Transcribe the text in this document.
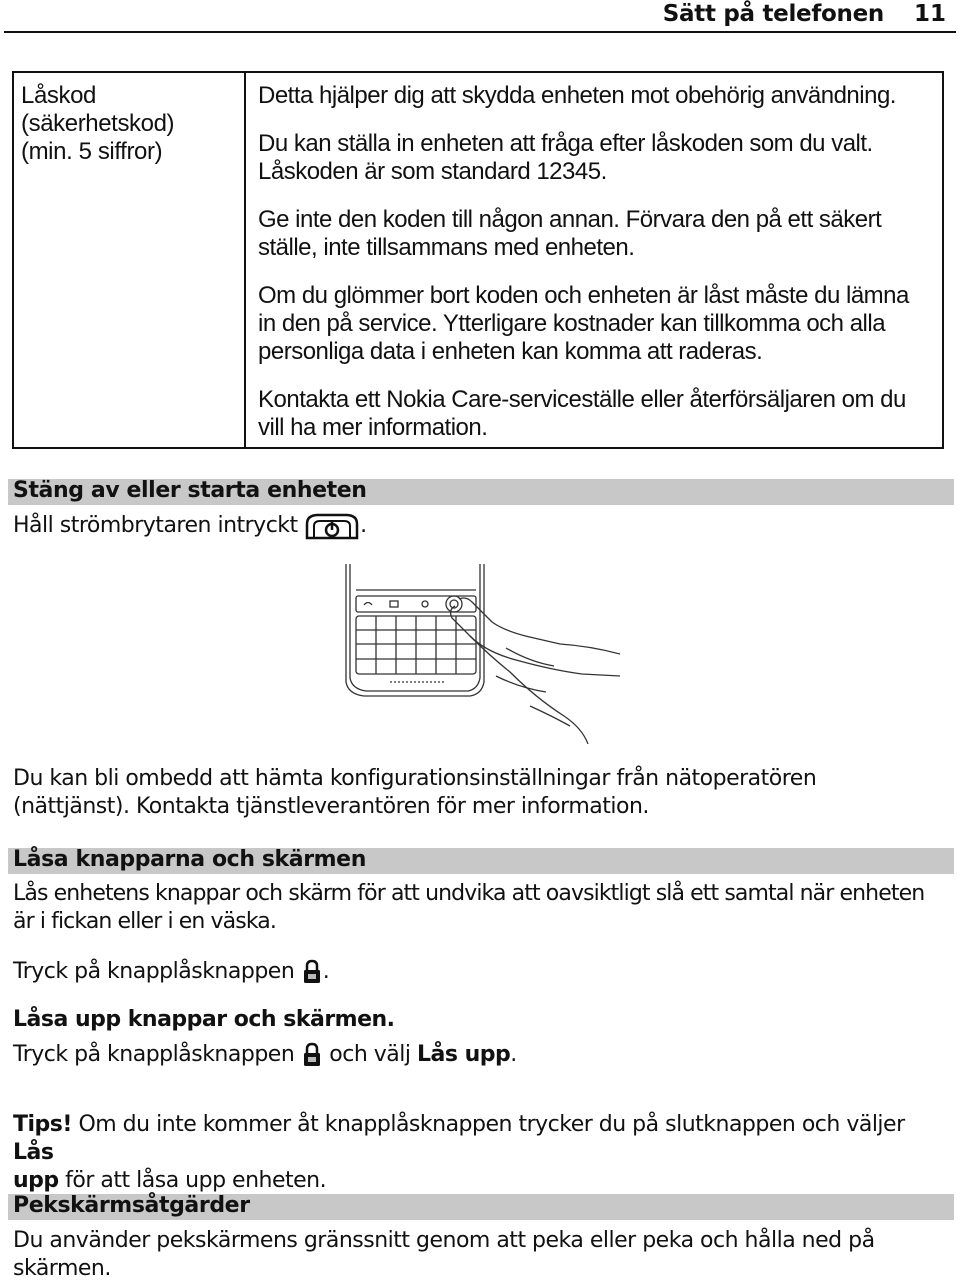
Sätt på telefonen 11
Låskod
(säkerhetskod)
(min. 5 siffror)

Detta hjälper dig att skydda enheten mot obehörig användning.

Du kan ställa in enheten att fråga efter låskoden som du valt.
Låskoden är som standard 12345.

Ge inte den koden till någon annan. Förvara den på ett säkert
ställe, inte tillsammans med enheten.

Om du glömmer bort koden och enheten är låst måste du lämna
in den på service. Ytterligare kostnader kan tillkomma och alla
personliga data i enheten kan komma att raderas.

Kontakta ett Nokia Care-serviceställe eller återförsäljaren om du
vill ha mer information.

Stäng av eller starta enheten
Håll strömbrytaren intryckt	.
Du kan bli ombedd att hämta konfigurationsinställningar från nätoperatören
(nättjänst). Kontakta tjänstleverantören för mer information.
Låsa knapparna och skärmen
Lås enhetens knappar och skärm för att undvika att oavsiktligt slå ett samtal när enheten
är i fickan eller i en väska.
Tryck på knapplåsknappen .
Låsa upp knappar och skärmen.
Tryck på knapplåsknappen och välj Lås upp.
Tips! Om du inte kommer åt knapplåsknappen trycker du på slutknappen och väljer Lås
upp för att låsa upp enheten.
Pekskärmsåtgärder
Du använder pekskärmens gränssnitt genom att peka eller peka och hålla ned på
skärmen.
